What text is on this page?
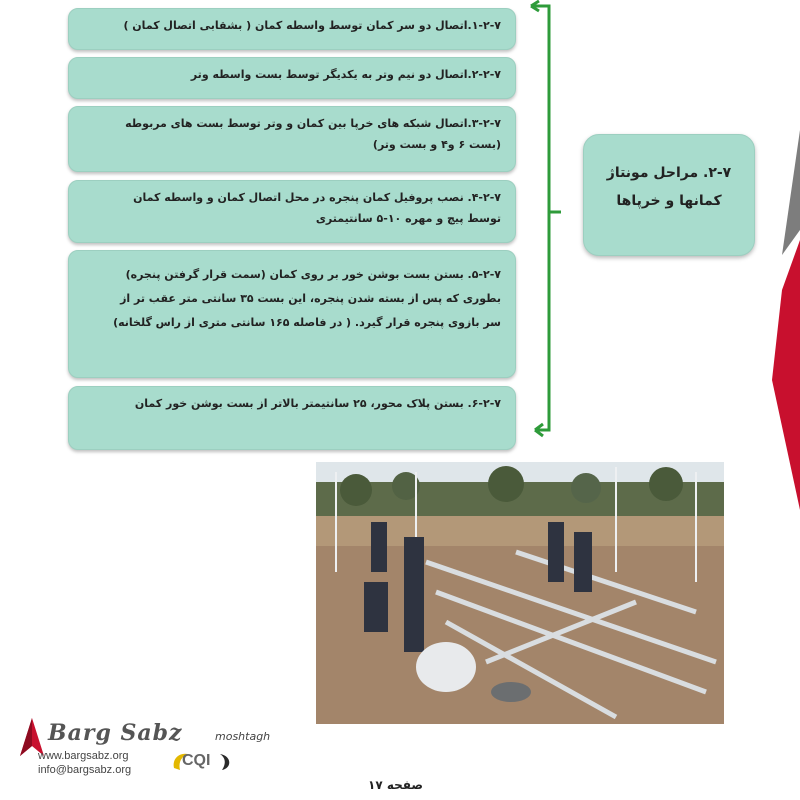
۱-۲-۷.اتصال دو سر کمان توسط واسطه کمان ( بشقابی اتصال کمان )
۲-۲-۷.اتصال دو نیم وتر به یکدیگر توسط بست واسطه وتر
۳-۲-۷.اتصال شبکه های خرپا بین کمان و وتر توسط بست های مربوطه
(بست ۶ و۴ و بست وتر)
۴-۲-۷. نصب پروفیل کمان پنجره در محل اتصال کمان و واسطه کمان
توسط پیچ و مهره ۱۰-۵ سانتیمتری
۵-۲-۷. بستن بست بوشن خور بر روی کمان (سمت قرار گرفتن پنجره)
بطوری که پس از بسته شدن پنجره، این بست ۳۵ سانتی متر عقب تر از
سر بازوی پنجره قرار گیرد. ( در فاصله ۱۶۵ سانتی متری از راس گلخانه)
۶-۲-۷. بستن پلاک محور، ۲۵ سانتیمتر بالاتر از بست بوشن خور کمان
۲-۷. مراحل مونتاژ
کمانها و خرپاها
Barg Sabz	moshtagh
www.bargsabz.org
info@bargsabz.org
CQI
صفحه ۱۷
